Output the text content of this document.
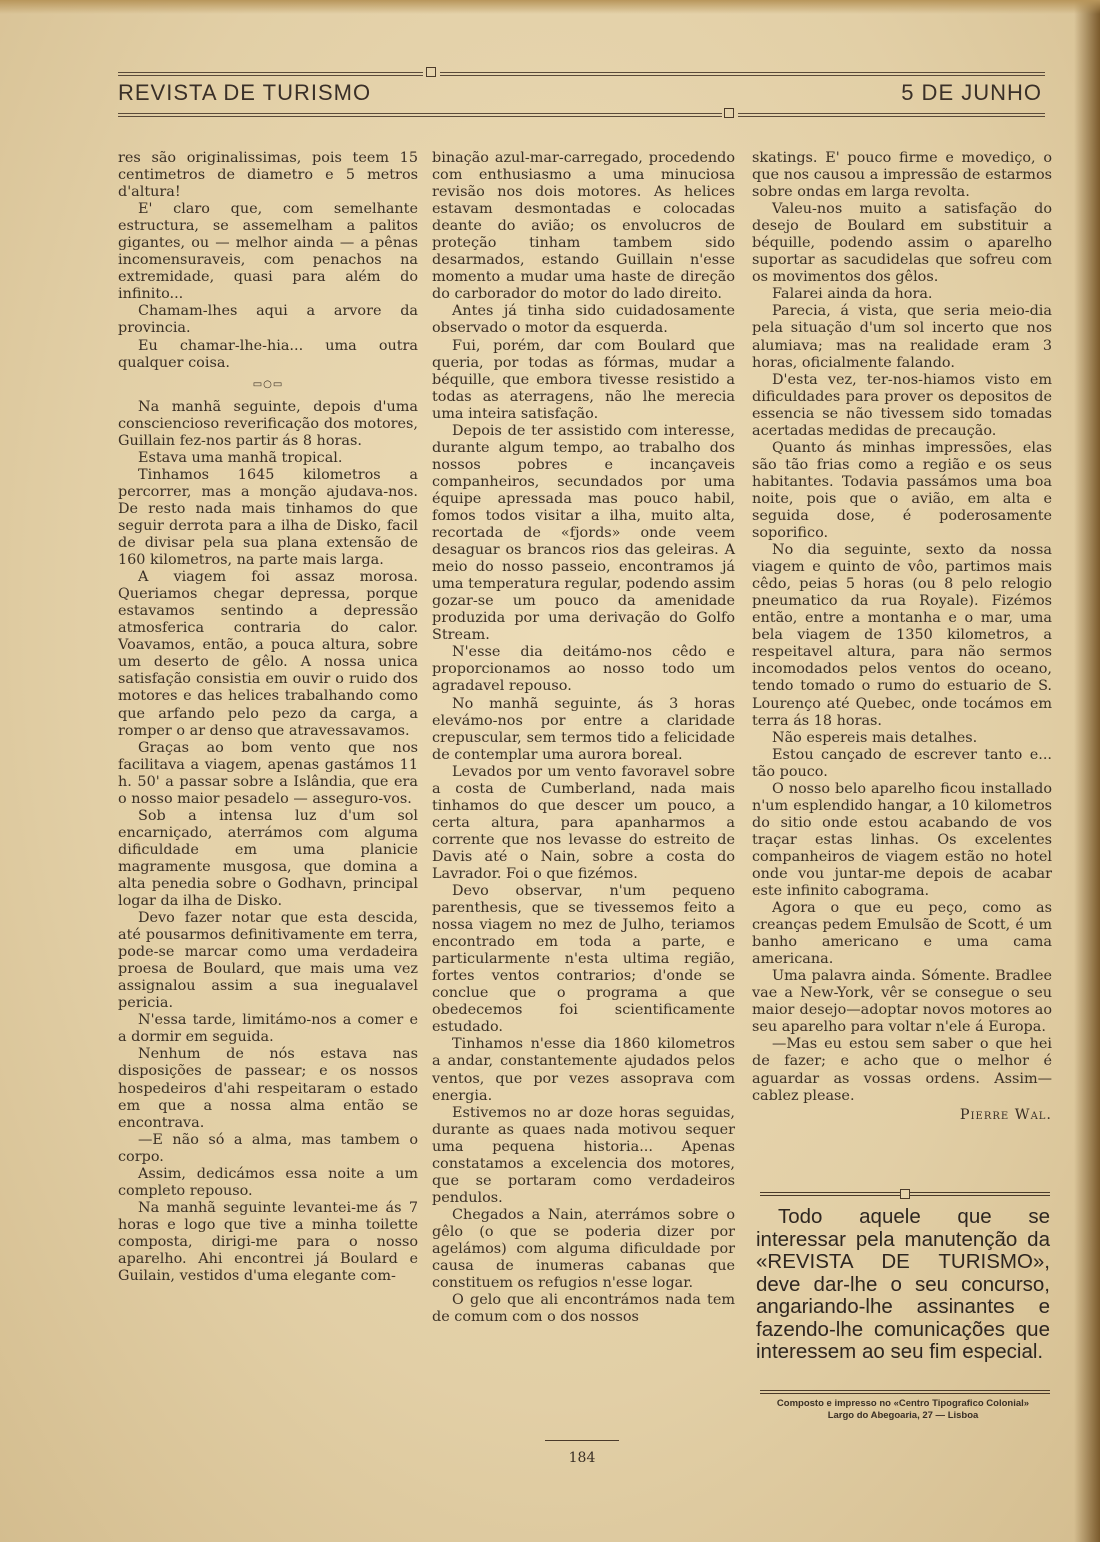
REVISTA DE TURISMO	5 DE JUNHO

res são originalissimas, pois teem 15 centimetros de diametro e 5 metros d'altura!

E' claro que, com semelhante estructura, se assemelham a palitos gigantes, ou — melhor ainda — a pênas incomensuraveis, com penachos na extremidade, quasi para além do infinito...

Chamam-lhes aqui a arvore da provincia.

Eu chamar-lhe-hia... uma outra qualquer coisa.

▭○▭

Na manhã seguinte, depois d'uma consciencioso reverificação dos motores, Guillain fez-nos partir ás 8 horas.

Estava uma manhã tropical.

Tinhamos 1645 kilometros a percorrer, mas a monção ajudava-nos. De resto nada mais tinhamos do que seguir derrota para a ilha de Disko, facil de divisar pela sua plana extensão de 160 kilometros, na parte mais larga.

A viagem foi assaz morosa. Queriamos chegar depressa, porque estavamos sentindo a depressão atmosferica contraria do calor. Voavamos, então, a pouca altura, sobre um deserto de gêlo. A nossa unica satisfação consistia em ouvir o ruido dos motores e das helices trabalhando como que arfando pelo pezo da carga, a romper o ar denso que atravessavamos.

Graças ao bom vento que nos facilitava a viagem, apenas gastámos 11 h. 50' a passar sobre a Islândia, que era o nosso maior pesadelo — asseguro-vos.

Sob a intensa luz d'um sol encarniçado, aterrámos com alguma dificuldade em uma planicie magramente musgosa, que domina a alta penedia sobre o Godhavn, principal logar da ilha de Disko.

Devo fazer notar que esta descida, até pousarmos definitivamente em terra, pode-se marcar como uma verdadeira proesa de Boulard, que mais uma vez assignalou assim a sua inegualavel pericia.

N'essa tarde, limitámo-nos a comer e a dormir em seguida.

Nenhum de nós estava nas disposições de passear; e os nossos hospedeiros d'ahi respeitaram o estado em que a nossa alma então se encontrava.

—E não só a alma, mas tambem o corpo.

Assim, dedicámos essa noite a um completo repouso.

Na manhã seguinte levantei-me ás 7 horas e logo que tive a minha toilette composta, dirigi-me para o nosso aparelho. Ahi encontrei já Boulard e Guilain, vestidos d'uma elegante com-

binação azul-mar-carregado, procedendo com enthusiasmo a uma minuciosa revisão nos dois motores. As helices estavam desmontadas e colocadas deante do avião; os envolucros de proteção tinham tambem sido desarmados, estando Guillain n'esse momento a mudar uma haste de direção do carborador do motor do lado direito.

Antes já tinha sido cuidadosamente observado o motor da esquerda.

Fui, porém, dar com Boulard que queria, por todas as fórmas, mudar a béquille, que embora tivesse resistido a todas as aterragens, não lhe merecia uma inteira satisfação.

Depois de ter assistido com interesse, durante algum tempo, ao trabalho dos nossos pobres e incançaveis companheiros, secundados por uma équipe apressada mas pouco habil, fomos todos visitar a ilha, muito alta, recortada de «fjords» onde veem desaguar os brancos rios das geleiras. A meio do nosso passeio, encontramos já uma temperatura regular, podendo assim gozar-se um pouco da amenidade produzida por uma derivação do Golfo Stream.

N'esse dia deitámo-nos cêdo e proporcionamos ao nosso todo um agradavel repouso.

No manhã seguinte, ás 3 horas elevámo-nos por entre a claridade crepuscular, sem termos tido a felicidade de contemplar uma aurora boreal.

Levados por um vento favoravel sobre a costa de Cumberland, nada mais tinhamos do que descer um pouco, a certa altura, para apanharmos a corrente que nos levasse do estreito de Davis até o Nain, sobre a costa do Lavrador. Foi o que fizémos.

Devo observar, n'um pequeno parenthesis, que se tivessemos feito a nossa viagem no mez de Julho, teriamos encontrado em toda a parte, e particularmente n'esta ultima região, fortes ventos contrarios; d'onde se conclue que o programa a que obedecemos foi scientificamente estudado.

Tinhamos n'esse dia 1860 kilometros a andar, constantemente ajudados pelos ventos, que por vezes assoprava com energia.

Estivemos no ar doze horas seguidas, durante as quaes nada motivou sequer uma pequena historia... Apenas constatamos a excelencia dos motores, que se portaram como verdadeiros pendulos.

Chegados a Nain, aterrámos sobre o gêlo (o que se poderia dizer por agelámos) com alguma dificuldade por causa de inumeras cabanas que constituem os refugios n'esse logar.

O gelo que ali encontrámos nada tem de comum com o dos nossos

skatings. E' pouco firme e movediço, o que nos causou a impressão de estarmos sobre ondas em larga revolta.

Valeu-nos muito a satisfação do desejo de Boulard em substituir a béquille, podendo assim o aparelho suportar as sacudidelas que sofreu com os movimentos dos gêlos.

Falarei ainda da hora.

Parecia, á vista, que seria meio-dia pela situação d'um sol incerto que nos alumiava; mas na realidade eram 3 horas, oficialmente falando.

D'esta vez, ter-nos-hiamos visto em dificuldades para prover os depositos de essencia se não tivessem sido tomadas acertadas medidas de precaução.

Quanto ás minhas impressões, elas são tão frias como a região e os seus habitantes. Todavia passámos uma boa noite, pois que o avião, em alta e seguida dose, é poderosamente soporifico.

No dia seguinte, sexto da nossa viagem e quinto de vôo, partimos mais cêdo, peias 5 horas (ou 8 pelo relogio pneumatico da rua Royale). Fizémos então, entre a montanha e o mar, uma bela viagem de 1350 kilometros, a respeitavel altura, para não sermos incomodados pelos ventos do oceano, tendo tomado o rumo do estuario de S. Lourenço até Quebec, onde tocámos em terra ás 18 horas.

Não espereis mais detalhes.

Estou cançado de escrever tanto e... tão pouco.

O nosso belo aparelho ficou installado n'um esplendido hangar, a 10 kilometros do sitio onde estou acabando de vos traçar estas linhas. Os excelentes companheiros de viagem estão no hotel onde vou juntar-me depois de acabar este infinito cabograma.

Agora o que eu peço, como as creanças pedem Emulsão de Scott, é um banho americano e uma cama americana.

Uma palavra ainda. Sómente. Bradlee vae a New-York, vêr se consegue o seu maior desejo—adoptar novos motores ao seu aparelho para voltar n'ele á Europa.

—Mas eu estou sem saber o que hei de fazer; e acho que o melhor é aguardar as vossas ordens. Assim— cablez please.

Pierre Wal.

Todo aquele que se interessar pela manutenção da «REVISTA DE TURISMO», deve dar-lhe o seu concurso, angariando-lhe assinantes e fazendo-lhe comunicações que interessem ao seu fim especial.

Composto e impresso no «Centro Tipografico Colonial»
Largo do Abegoaria, 27 — Lisboa
184
